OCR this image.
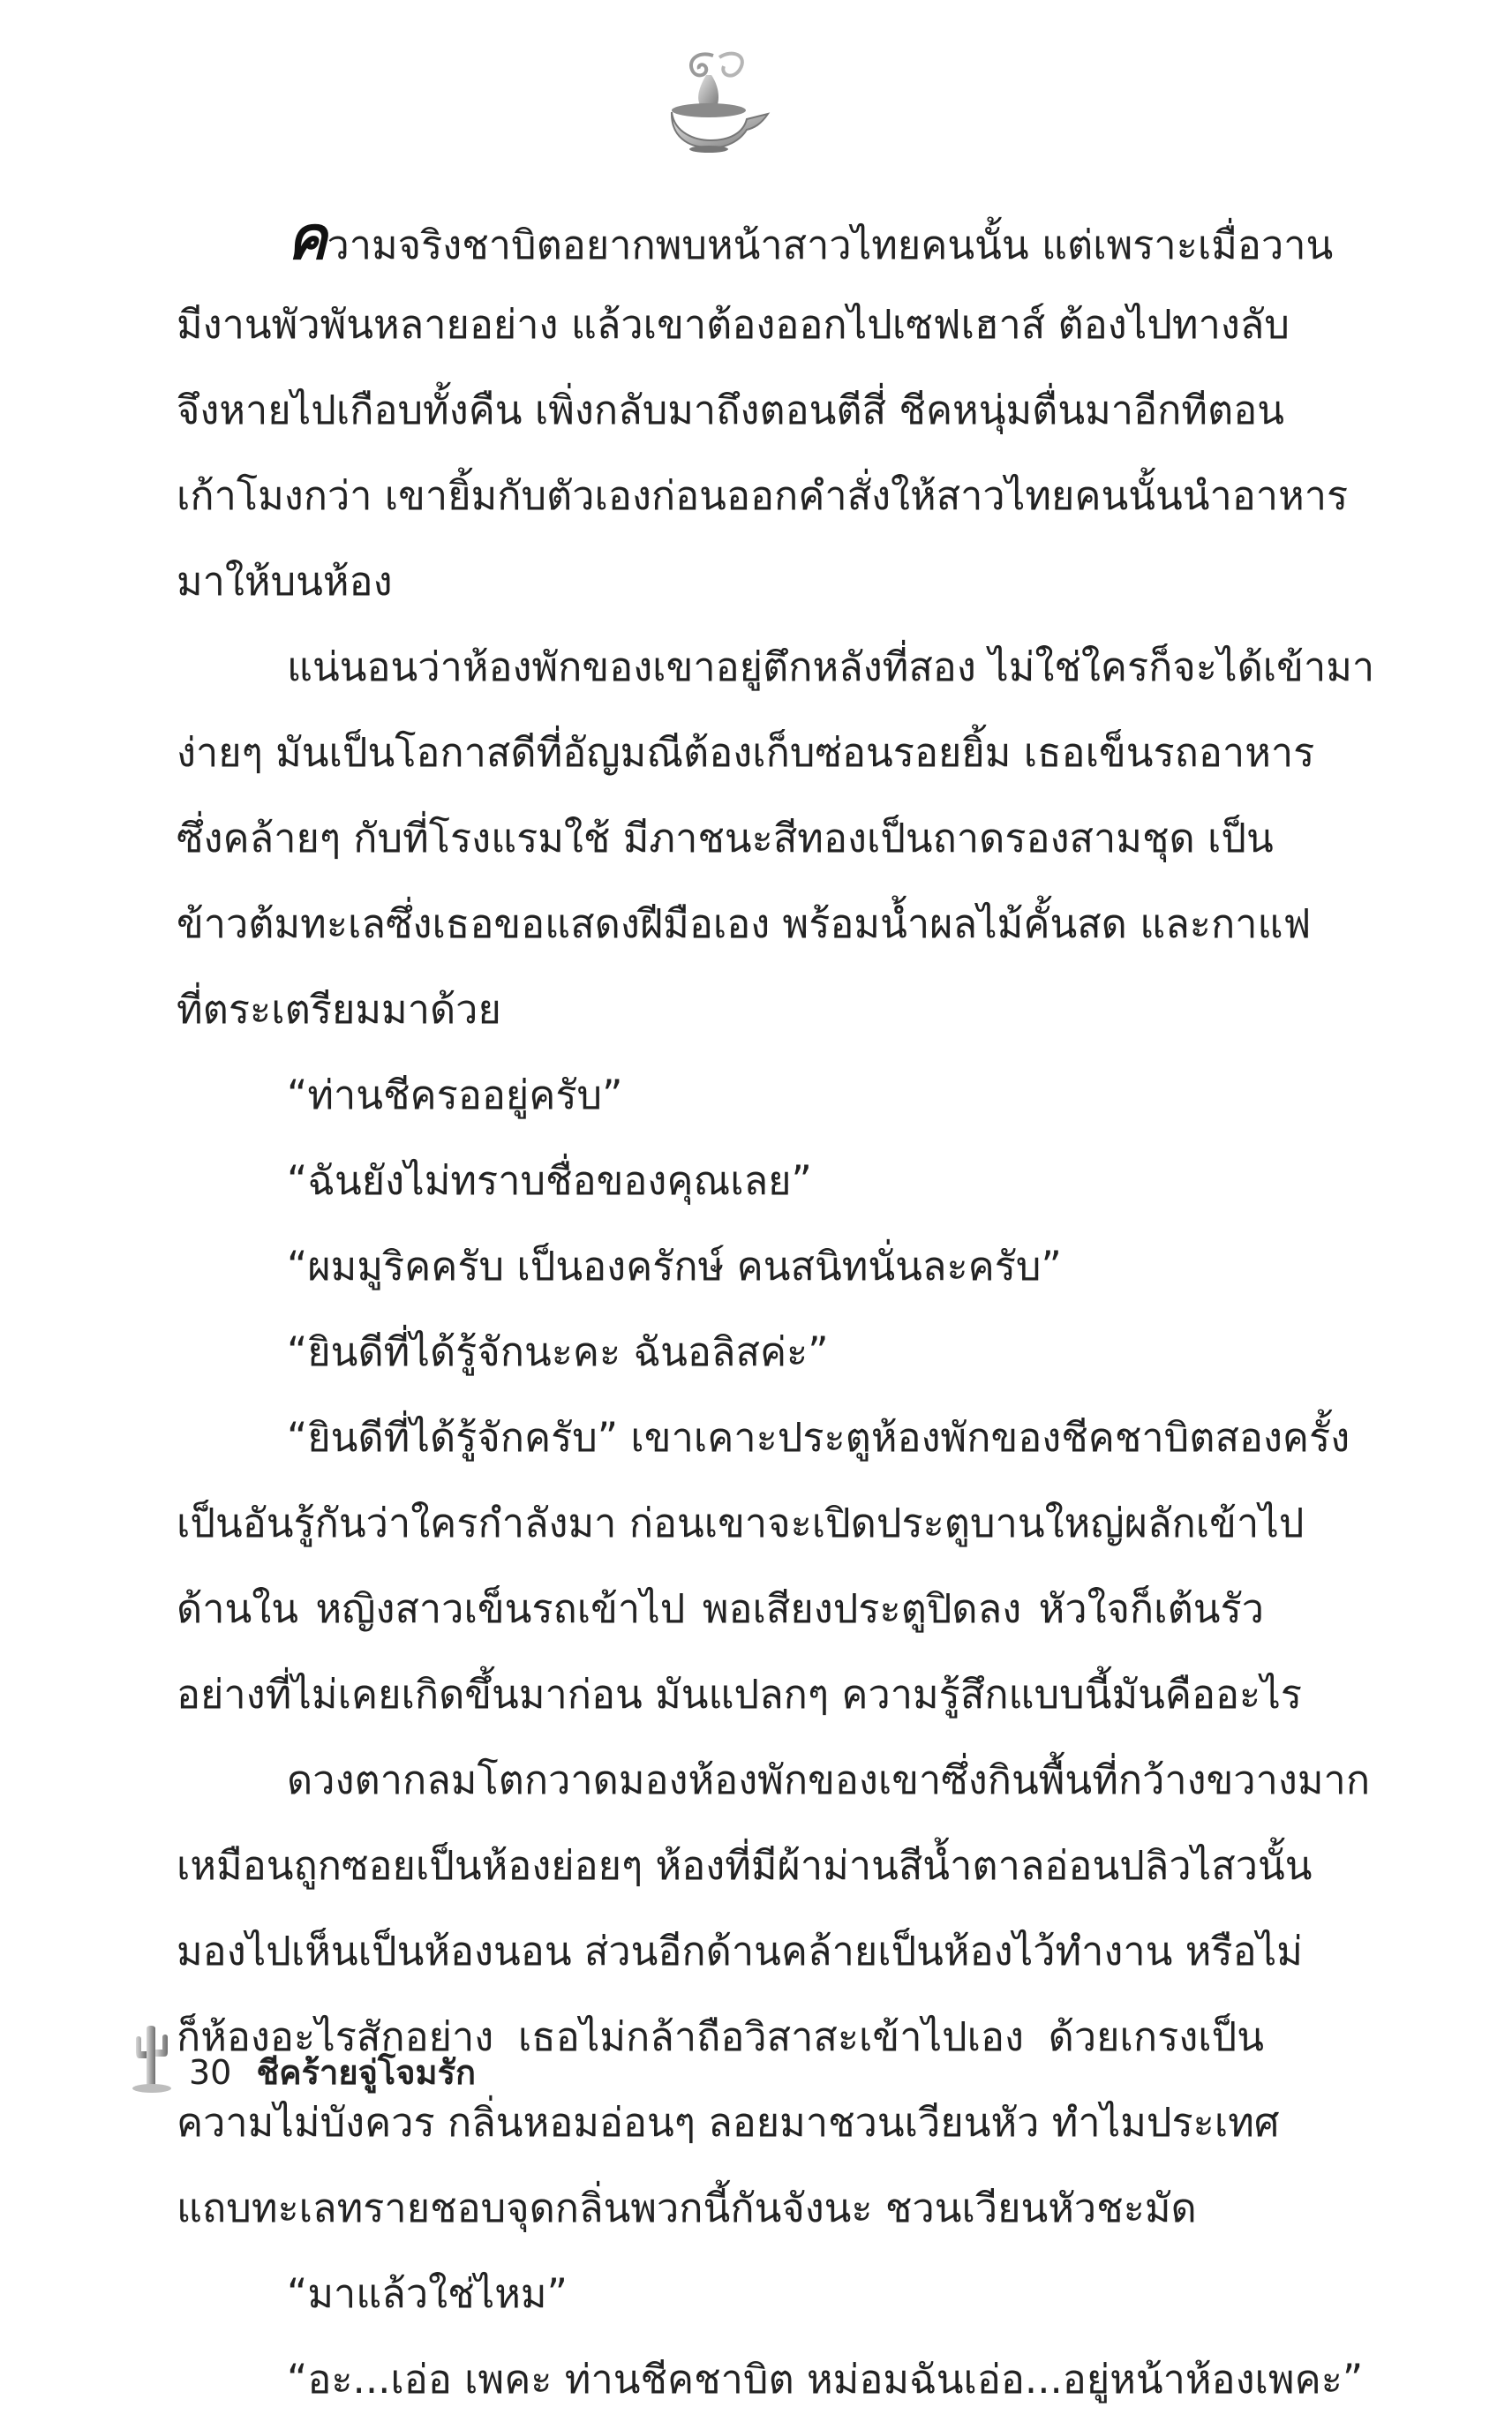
ความจริงชาบิตอยากพบหน้าสาวไทยคนนั้น แต่เพราะเมื่อวาน
มีงานพัวพันหลายอย่าง แล้วเขาต้องออกไปเซฟเฮาส์ ต้องไปทางลับ
จึงหายไปเกือบทั้งคืน เพิ่งกลับมาถึงตอนตีสี่ ชีคหนุ่มตื่นมาอีกทีตอน
เก้าโมงกว่า เขายิ้มกับตัวเองก่อนออกคำสั่งให้สาวไทยคนนั้นนำอาหาร
มาให้บนห้อง
แน่นอนว่าห้องพักของเขาอยู่ตึกหลังที่สอง ไม่ใช่ใครก็จะได้เข้ามา
ง่ายๆ มันเป็นโอกาสดีที่อัญมณีต้องเก็บซ่อนรอยยิ้ม เธอเข็นรถอาหาร
ซึ่งคล้ายๆ กับที่โรงแรมใช้ มีภาชนะสีทองเป็นถาดรองสามชุด เป็น
ข้าวต้มทะเลซึ่งเธอขอแสดงฝีมือเอง พร้อมน้ำผลไม้คั้นสด และกาแฟ
ที่ตระเตรียมมาด้วย
“ท่านชีครออยู่ครับ”
“ฉันยังไม่ทราบชื่อของคุณเลย”
“ผมมูริคครับ เป็นองครักษ์ คนสนิทนั่นละครับ”
“ยินดีที่ได้รู้จักนะคะ ฉันอลิสค่ะ”
“ยินดีที่ได้รู้จักครับ” เขาเคาะประตูห้องพักของชีคชาบิตสองครั้ง
เป็นอันรู้กันว่าใครกำลังมา ก่อนเขาจะเปิดประตูบานใหญ่ผลักเข้าไป
ด้านใน หญิงสาวเข็นรถเข้าไป พอเสียงประตูปิดลง หัวใจก็เต้นรัว
อย่างที่ไม่เคยเกิดขึ้นมาก่อน มันแปลกๆ ความรู้สึกแบบนี้มันคืออะไร
ดวงตากลมโตกวาดมองห้องพักของเขาซึ่งกินพื้นที่กว้างขวางมาก
เหมือนถูกซอยเป็นห้องย่อยๆ ห้องที่มีผ้าม่านสีน้ำตาลอ่อนปลิวไสวนั้น
มองไปเห็นเป็นห้องนอน ส่วนอีกด้านคล้ายเป็นห้องไว้ทำงาน หรือไม่
ก็ห้องอะไรสักอย่าง เธอไม่กล้าถือวิสาสะเข้าไปเอง ด้วยเกรงเป็น
ความไม่บังควร กลิ่นหอมอ่อนๆ ลอยมาชวนเวียนหัว ทำไมประเทศ
แถบทะเลทรายชอบจุดกลิ่นพวกนี้กันจังนะ ชวนเวียนหัวชะมัด
“มาแล้วใช่ไหม”
“อะ...เอ่อ เพคะ ท่านชีคชาบิต หม่อมฉันเอ่อ...อยู่หน้าห้องเพคะ”
30 ชีคร้ายจู่โจมรัก
